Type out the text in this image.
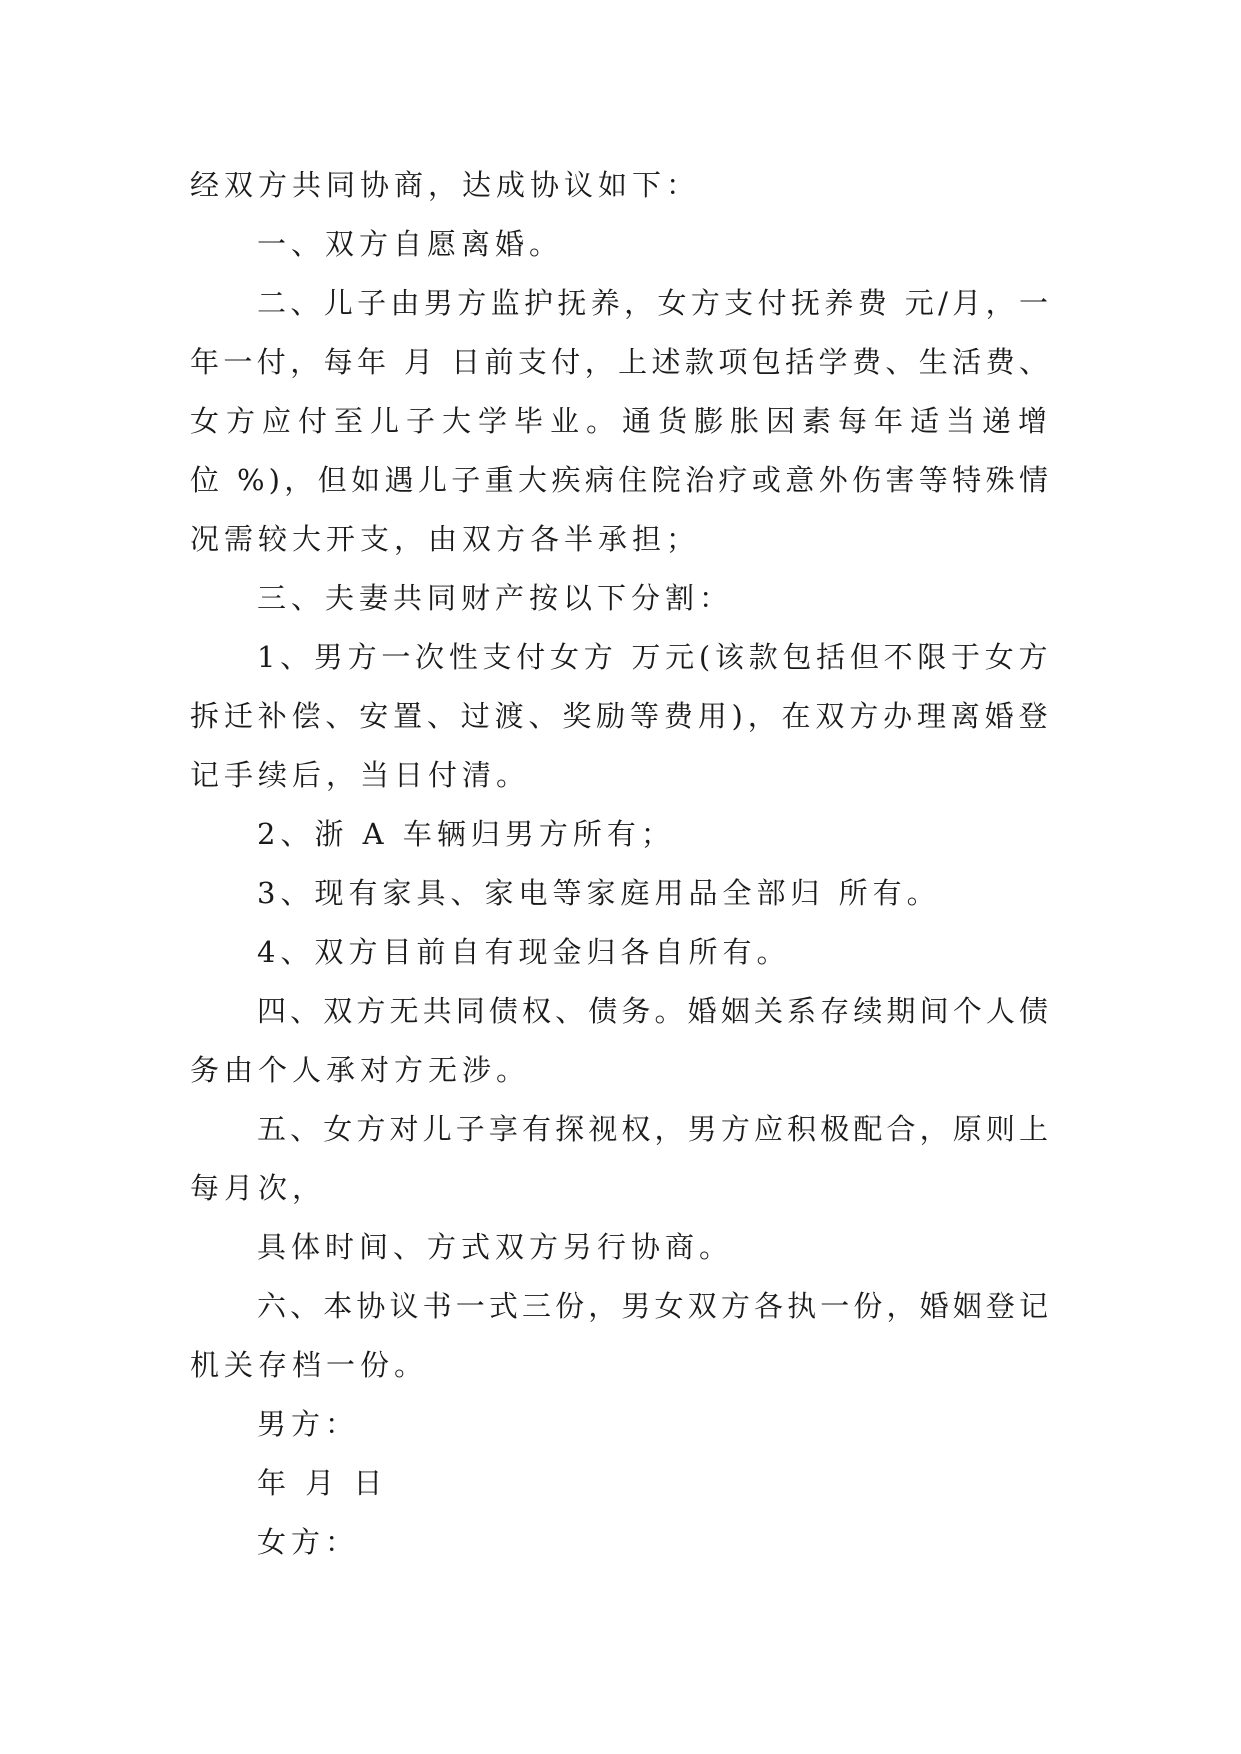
经双方共同协商，达成协议如下：
一、双方自愿离婚。
二、儿子由男方监护抚养，女方支付抚养费 元/月，一
年一付，每年 月 日前支付，上述款项包括学费、生活费、
女方应付至儿子大学毕业。通货膨胀因素每年适当递增
位 %)，但如遇儿子重大疾病住院治疗或意外伤害等特殊情
况需较大开支，由双方各半承担；
三、夫妻共同财产按以下分割：
1、男方一次性支付女方 万元(该款包括但不限于女方
拆迁补偿、安置、过渡、奖励等费用)，在双方办理离婚登
记手续后，当日付清。
2、浙 A 车辆归男方所有；
3、现有家具、家电等家庭用品全部归 所有。
4、双方目前自有现金归各自所有。
四、双方无共同债权、债务。婚姻关系存续期间个人债
务由个人承对方无涉。
五、女方对儿子享有探视权，男方应积极配合，原则上
每月次，
具体时间、方式双方另行协商。
六、本协议书一式三份，男女双方各执一份，婚姻登记
机关存档一份。
男方：
年 月 日
女方：
